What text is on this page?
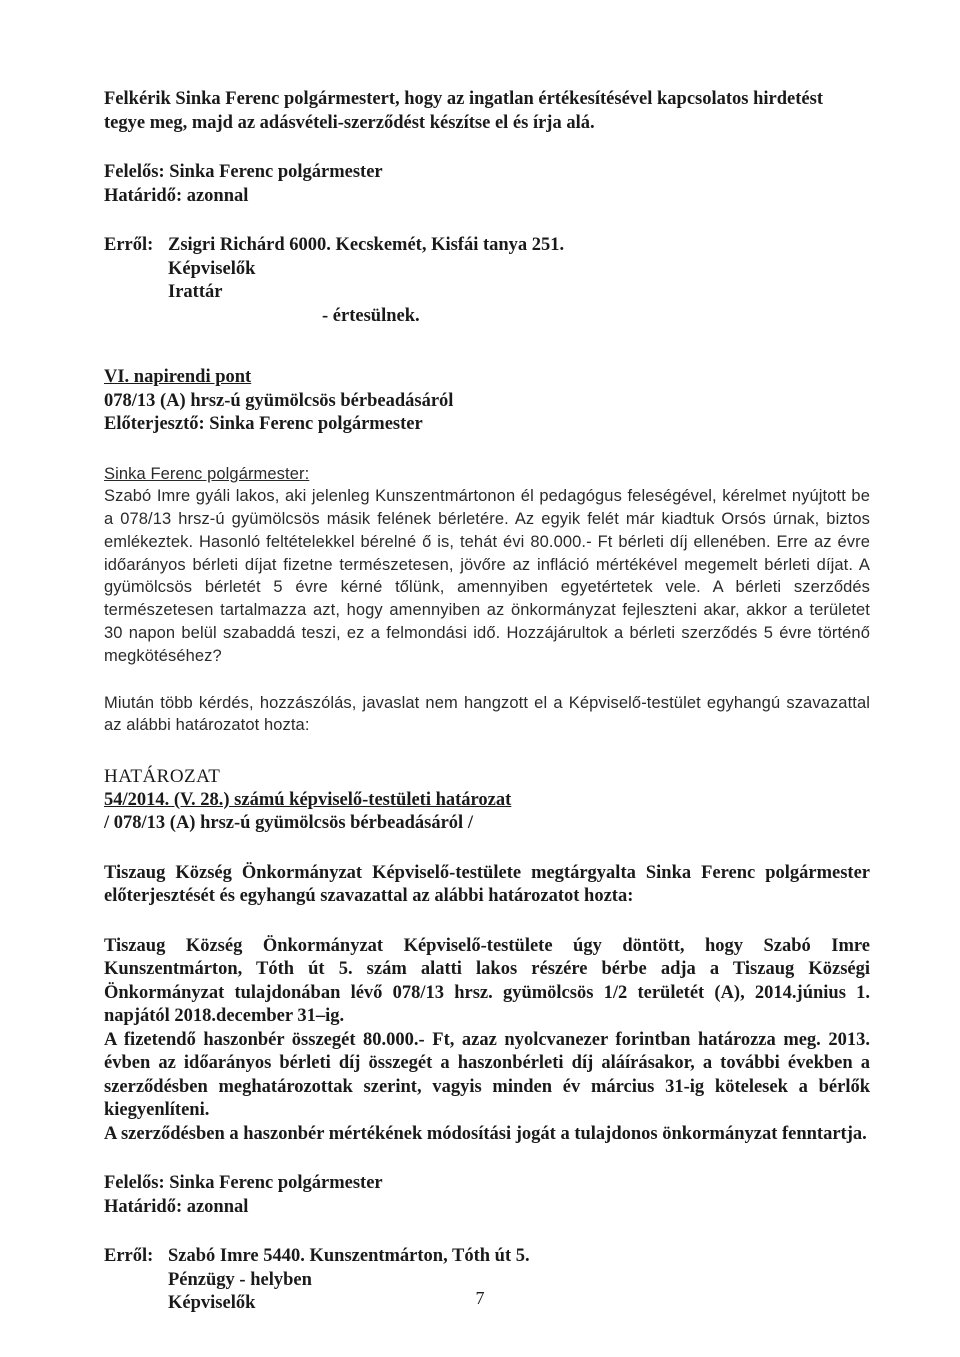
Felkérik Sinka Ferenc polgármestert, hogy az ingatlan értékesítésével kapcsolatos hirdetést
tegye meg, majd az adásvételi-szerződést készítse el és írja alá.

Felelős: Sinka Ferenc polgármester
Határidő: azonnal

Erről: Zsigri Richárd 6000. Kecskemét, Kisfái tanya 251.
Képviselők
Irattár
- értesülnek.

VI. napirendi pont
078/13 (A) hrsz-ú gyümölcsös bérbeadásáról
Előterjesztő: Sinka Ferenc polgármester

Sinka Ferenc polgármester:

Szabó Imre gyáli lakos, aki jelenleg Kunszentmártonon él pedagógus feleségével, kérelmet nyújtott be a 078/13 hrsz-ú gyümölcsös másik felének bérletére. Az egyik felét már kiadtuk Orsós úrnak, biztos emlékeztek. Hasonló feltételekkel bérelné ő is, tehát évi 80.000.- Ft bérleti díj ellenében. Erre az évre időarányos bérleti díjat fizetne természetesen, jövőre az infláció mértékével megemelt bérleti díjat. A gyümölcsös bérletét 5 évre kérné tőlünk, amennyiben egyetértetek vele. A bérleti szerződés természetesen tartalmazza azt, hogy amennyiben az önkormányzat fejleszteni akar, akkor a területet 30 napon belül szabaddá teszi, ez a felmondási idő. Hozzájárultok a bérleti szerződés 5 évre történő megkötéséhez?

Miután több kérdés, hozzászólás, javaslat nem hangzott el a Képviselő-testület egyhangú szavazattal az alábbi határozatot hozta:

HATÁROZAT
54/2014. (V. 28.) számú képviselő-testületi határozat
/ 078/13 (A) hrsz-ú gyümölcsös bérbeadásáról /

Tiszaug Község Önkormányzat Képviselő-testülete megtárgyalta Sinka Ferenc polgármester előterjesztését és egyhangú szavazattal az alábbi határozatot hozta:

Tiszaug Község Önkormányzat Képviselő-testülete úgy döntött, hogy Szabó Imre Kunszentmárton, Tóth út 5. szám alatti lakos részére bérbe adja a Tiszaug Községi Önkormányzat tulajdonában lévő 078/13 hrsz. gyümölcsös 1/2 területét (A), 2014.június 1. napjától 2018.december 31–ig.

A fizetendő haszonbér összegét 80.000.- Ft, azaz nyolcvanezer forintban határozza meg. 2013. évben az időarányos bérleti díj összegét a haszonbérleti díj aláírásakor, a további években a szerződésben meghatározottak szerint, vagyis minden év március 31-ig kötelesek a bérlők kiegyenlíteni.

A szerződésben a haszonbér mértékének módosítási jogát a tulajdonos önkormányzat fenntartja.

Felelős: Sinka Ferenc polgármester
Határidő: azonnal

Erről: Szabó Imre 5440. Kunszentmárton, Tóth út 5.
Pénzügy - helyben
Képviselők	7
